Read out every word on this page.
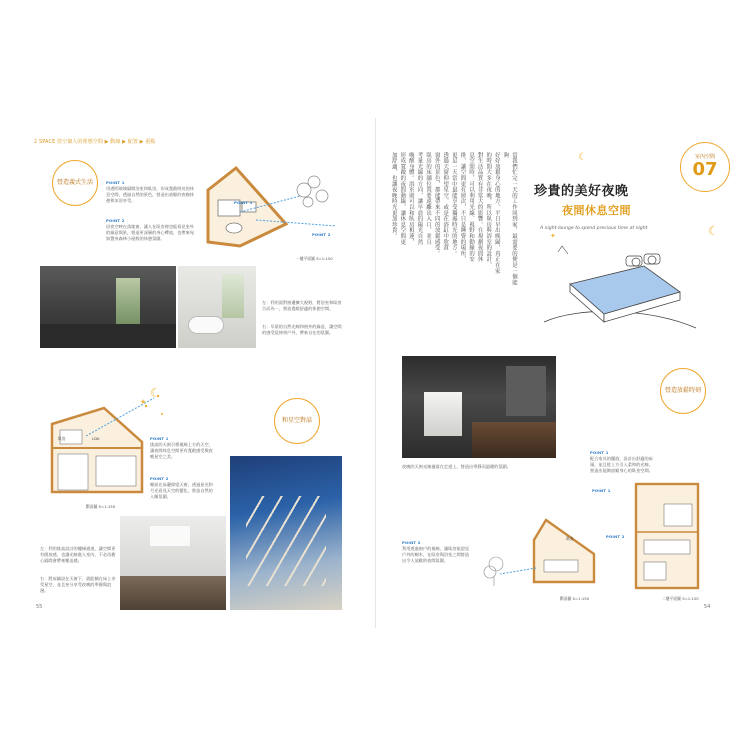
2 SPACE 放空個人的理想空間 ▶ 動線 ▶ 配置 ▶ 重點
營造義式生活	POINT 1
用透明玻璃隔開浴室和臥房，形成寬敞明亮的休息空間，透過自然的景色，營造出放鬆的夜晚休憩和沐浴享受。
POINT 2
因夜空映在落地窗，讓人在臥房裡也能看見室外的綠意與景，營造更深層的身心釋放，也帶來宛如置身森林小屋般的休憩氛圍。
POINT 1
POINT 2
一樓平面圖 S=1:150
左：利用面對窗邊擴大視野，將浴室和臥房合而為一，營造寬敞舒適的休憩空間。
右：早晨的自然光線和窗外的綠意，讓空間的感受延伸到戶外，帶來自在的氛圍。
☾
★
臥房	LDK
斷面圖 S=1:150
和星空對話
POINT 1
挑高的天窗引導視線上方的天空，讓夜間休息空間更有寬敞感受與夜晚星空之美。
POINT 2
睡前在床邊仰望天窗，透過星光和月光看見天空的變化，營造自然的入睡氛圍。
左：利用挑高設計的樓梯通道，讓空間更有開放感，也讓光線進入室內，不必再擔心隔間會帶來壓迫感。
右：將床舖設在天窗下，就能躺在床上享受星空，並且充分享受夜晚的寧靜與浪漫。
55
當我們忙完一天的工作回到家，最需要的便是一個能夠
好好放鬆身心的地方。平日早出晚歸，真正在家
的時間大多在夜晚，所以臥房與浴室的設計，
對生活品質有非常大的影響。在規劃夜間休
息空間時，可以利用光線、視野和動線的安
排，讓空間更有層次，不只是睡覺的場所，
更是一天當中最能享受獨處時光的地方。
透過天窗仰望星空，或是在浴缸中欣賞
窗外的景色，都能帶來不同的放鬆感受。
臥房的床舖位置要遠離出入口，並且
考量光線的方向，讓早晨的陽光自然
喚醒身體。浴室則可以和臥房相連，
形成寬敞的夜間動線，讓休息空間更
加舒適，也讓夜晚時光更加珍貴。	☾
珍貴的美好夜晚
夜間休息空間
A night-lounge to spend precious time at night
室內空間
07
☾
✦
夜晚的天窗光線灑落在走道上，營造出寧靜而溫暖的氛圍。
營造放鬆時刻
POINT 1
配合家具的擺放，設計出舒適的床頭，並且從上方引入柔和的光線，營造出能夠放鬆身心的臥室空間。
POINT 2
利用透過窗戶的視線，讓臥房能望見戶外的樹木，在臥房與浴室之間營造出令人放鬆的夜間氛圍。
臥房
斷面圖 S=1:150
POINT 1
POINT 2
二樓平面圖 S=1:150
54
